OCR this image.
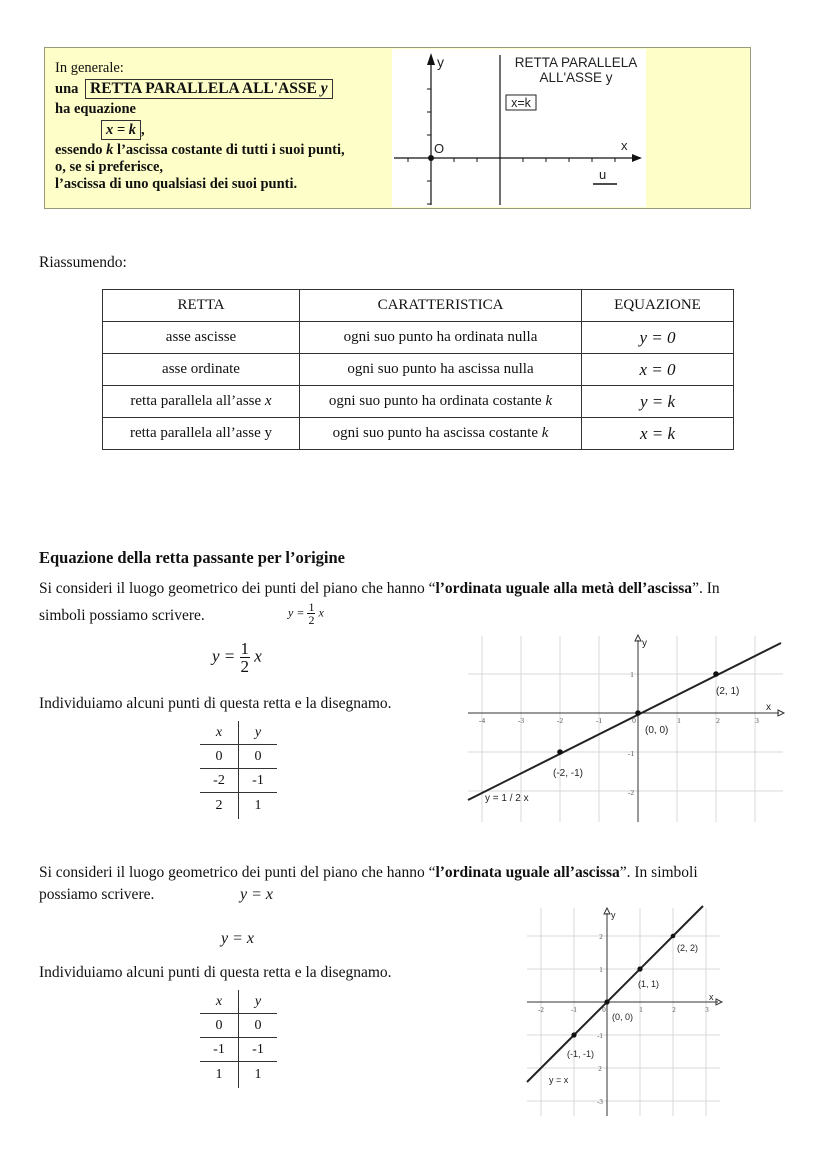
In generale:
una RETTA PARALLELA ALL'ASSE y
ha equazione
x = k ,
essendo k l’ascissa costante di tutti i suoi punti,
o, se si preferisce,
l’ascissa di uno qualsiasi dei suoi punti.
y
O	x
u
RETTA PARALLELA
ALL'ASSE y
x=k
Riassumendo:
RETTA	CARATTERISTICA	EQUAZIONE
asse ascisse	ogni suo punto ha ordinata nulla	y = 0
asse ordinate	ogni suo punto ha ascissa nulla	x = 0
retta parallela all’asse x	ogni suo punto ha ordinata costante k	y = k
retta parallela all’asse y	ogni suo punto ha ascissa costante k	x = k
Equazione della retta passante per l’origine
Si consideri il luogo geometrico dei punti del piano che hanno “l’ordinata uguale alla metà dell’ascissa”. In
simboli possiamo scrivere.	$y = \frac{1}{2}$ x
$y = \frac{1}{2}$ x
Individuiamo alcuni punti di questa retta e la disegnamo.
x	y
0	0
-2	-1
2	1
-4	-3	-2	-1	0	1	2	3
1
-1
-2
y
x
(2, 1)
(0, 0)
(-2, -1)
y = 1 / 2 x
Si consideri il luogo geometrico dei punti del piano che hanno “l’ordinata uguale all’ascissa”. In simboli
possiamo scrivere.	y = x
y = x
Individuiamo alcuni punti di questa retta e la disegnamo.
x	y
0	0
-1	-1
1	1
-2	-1	0	1	2	3
2
1
-1
2
-3
y
x
(2, 2)
(1, 1)
(0, 0)
(-1, -1)
y = x
